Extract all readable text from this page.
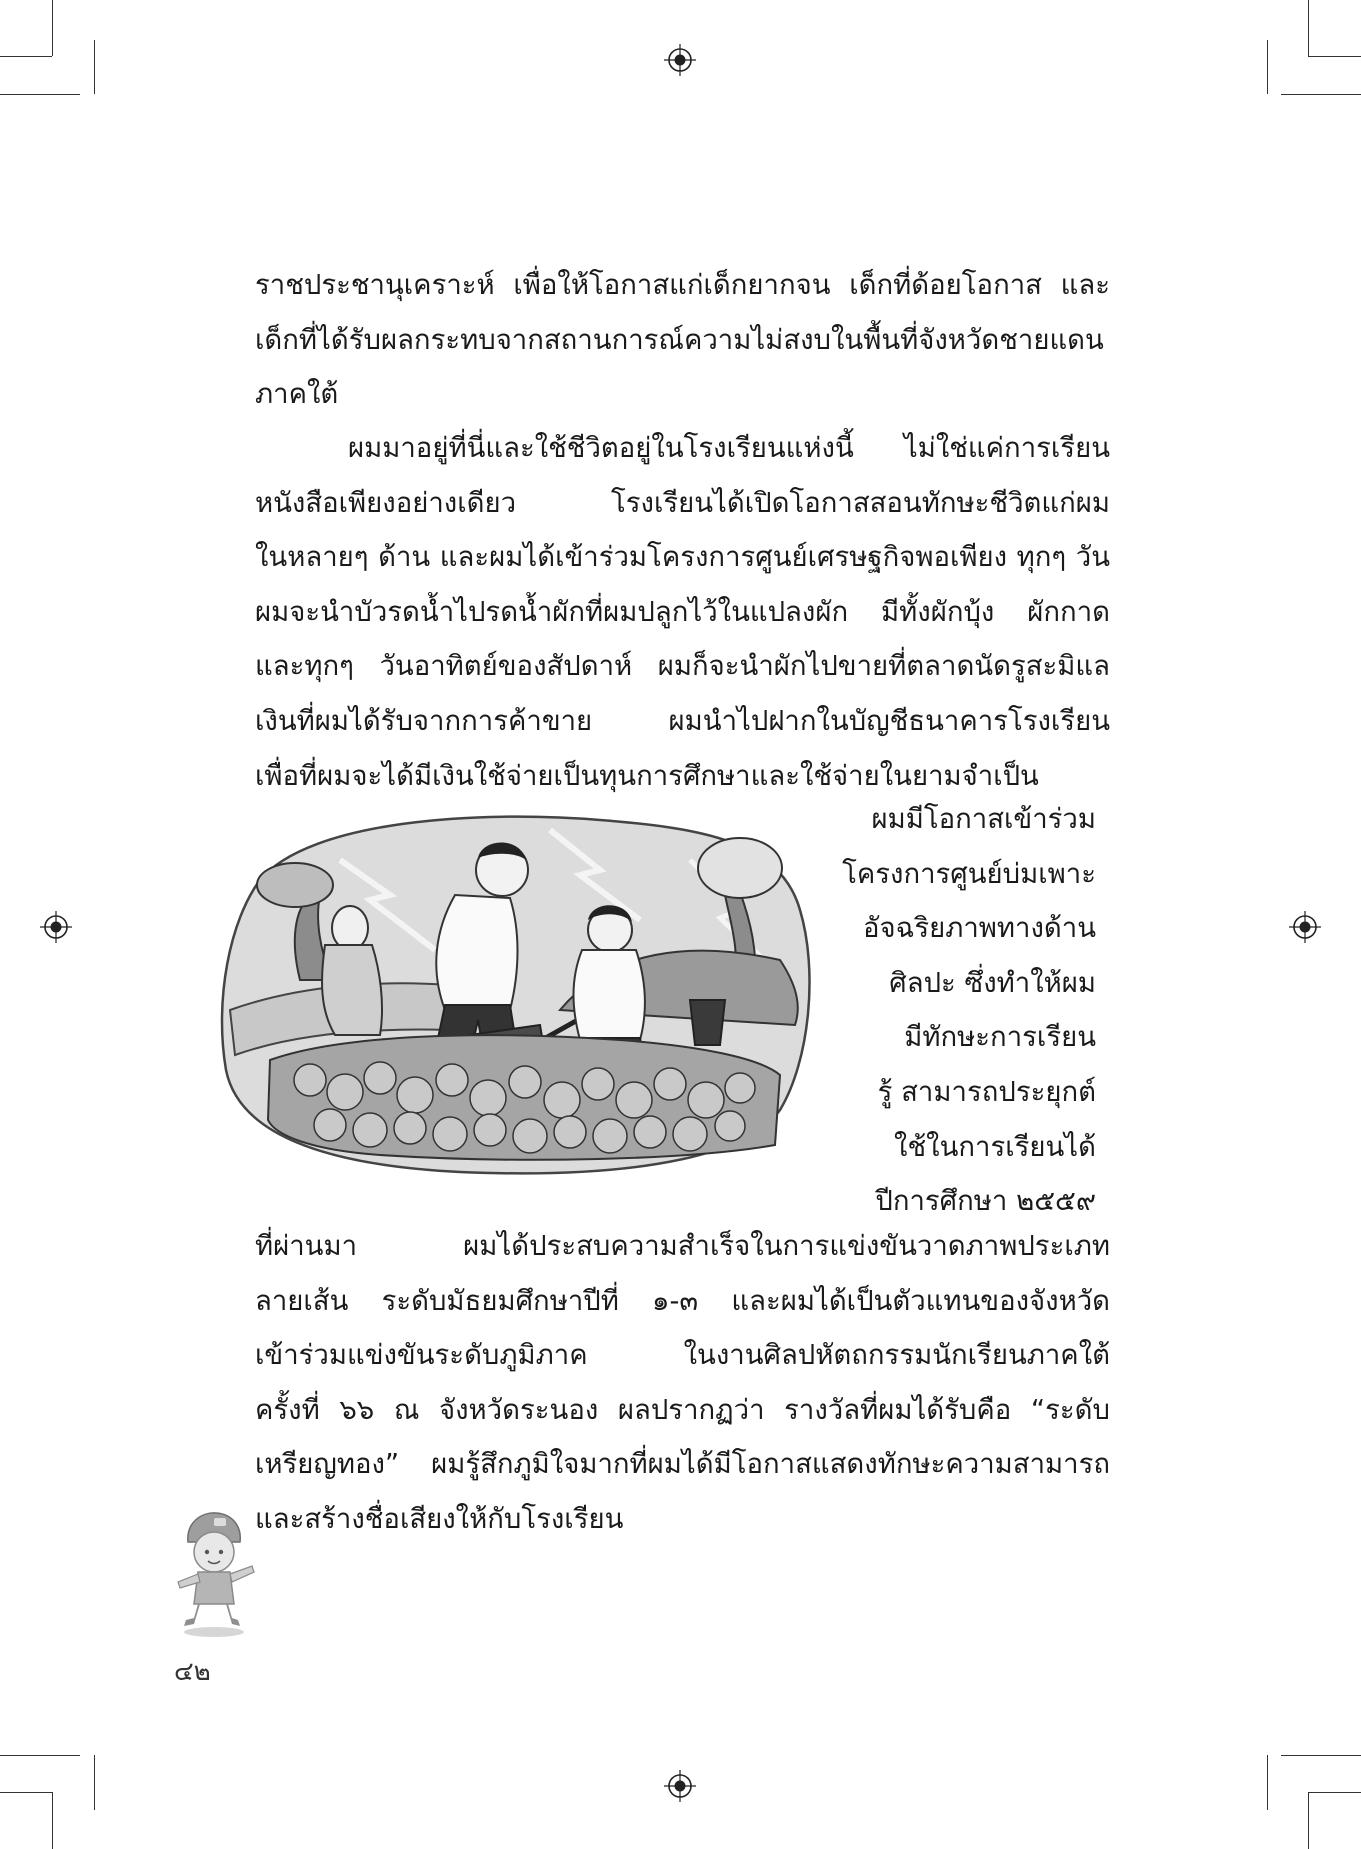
ราชประชานุเคราะห์ เพื่อให้โอกาสแก่เด็กยากจน เด็กที่ด้อยโอกาส และ
เด็กที่ได้รับผลกระทบจากสถานการณ์ความไม่สงบในพื้นที่จังหวัดชายแดน
ภาคใต้
ผมมาอยู่ที่นี่และใช้ชีวิตอยู่ในโรงเรียนแห่งนี้ ไม่ใช่แค่การเรียน
หนังสือเพียงอย่างเดียว โรงเรียนได้เปิดโอกาสสอนทักษะชีวิตแก่ผม
ในหลายๆ ด้าน และผมได้เข้าร่วมโครงการศูนย์เศรษฐกิจพอเพียง ทุกๆ วัน
ผมจะนำบัวรดน้ำไปรดน้ำผักที่ผมปลูกไว้ในแปลงผัก มีทั้งผักบุ้ง ผักกาด
และทุกๆ วันอาทิตย์ของสัปดาห์ ผมก็จะนำผักไปขายที่ตลาดนัดรูสะมิแล
เงินที่ผมได้รับจากการค้าขาย ผมนำไปฝากในบัญชีธนาคารโรงเรียน
เพื่อที่ผมจะได้มีเงินใช้จ่ายเป็นทุนการศึกษาและใช้จ่ายในยามจำเป็น
ผมมีโอกาสเข้าร่วม
โครงการศูนย์บ่มเพาะ
อัจฉริยภาพทางด้าน
ศิลปะ ซึ่งทำให้ผม
มีทักษะการเรียน
รู้ สามารถประยุกต์
ใช้ในการเรียนได้
ปีการศึกษา ๒๕๕๙
ที่ผ่านมา ผมได้ประสบความสำเร็จในการแข่งขันวาดภาพประเภท
ลายเส้น ระดับมัธยมศึกษาปีที่ ๑-๓ และผมได้เป็นตัวแทนของจังหวัด
เข้าร่วมแข่งขันระดับภูมิภาค ในงานศิลปหัตถกรรมนักเรียนภาคใต้
ครั้งที่ ๖๖ ณ จังหวัดระนอง ผลปรากฏว่า รางวัลที่ผมได้รับคือ “ระดับ
เหรียญทอง” ผมรู้สึกภูมิใจมากที่ผมได้มีโอกาสแสดงทักษะความสามารถ
และสร้างชื่อเสียงให้กับโรงเรียน
๔๒
